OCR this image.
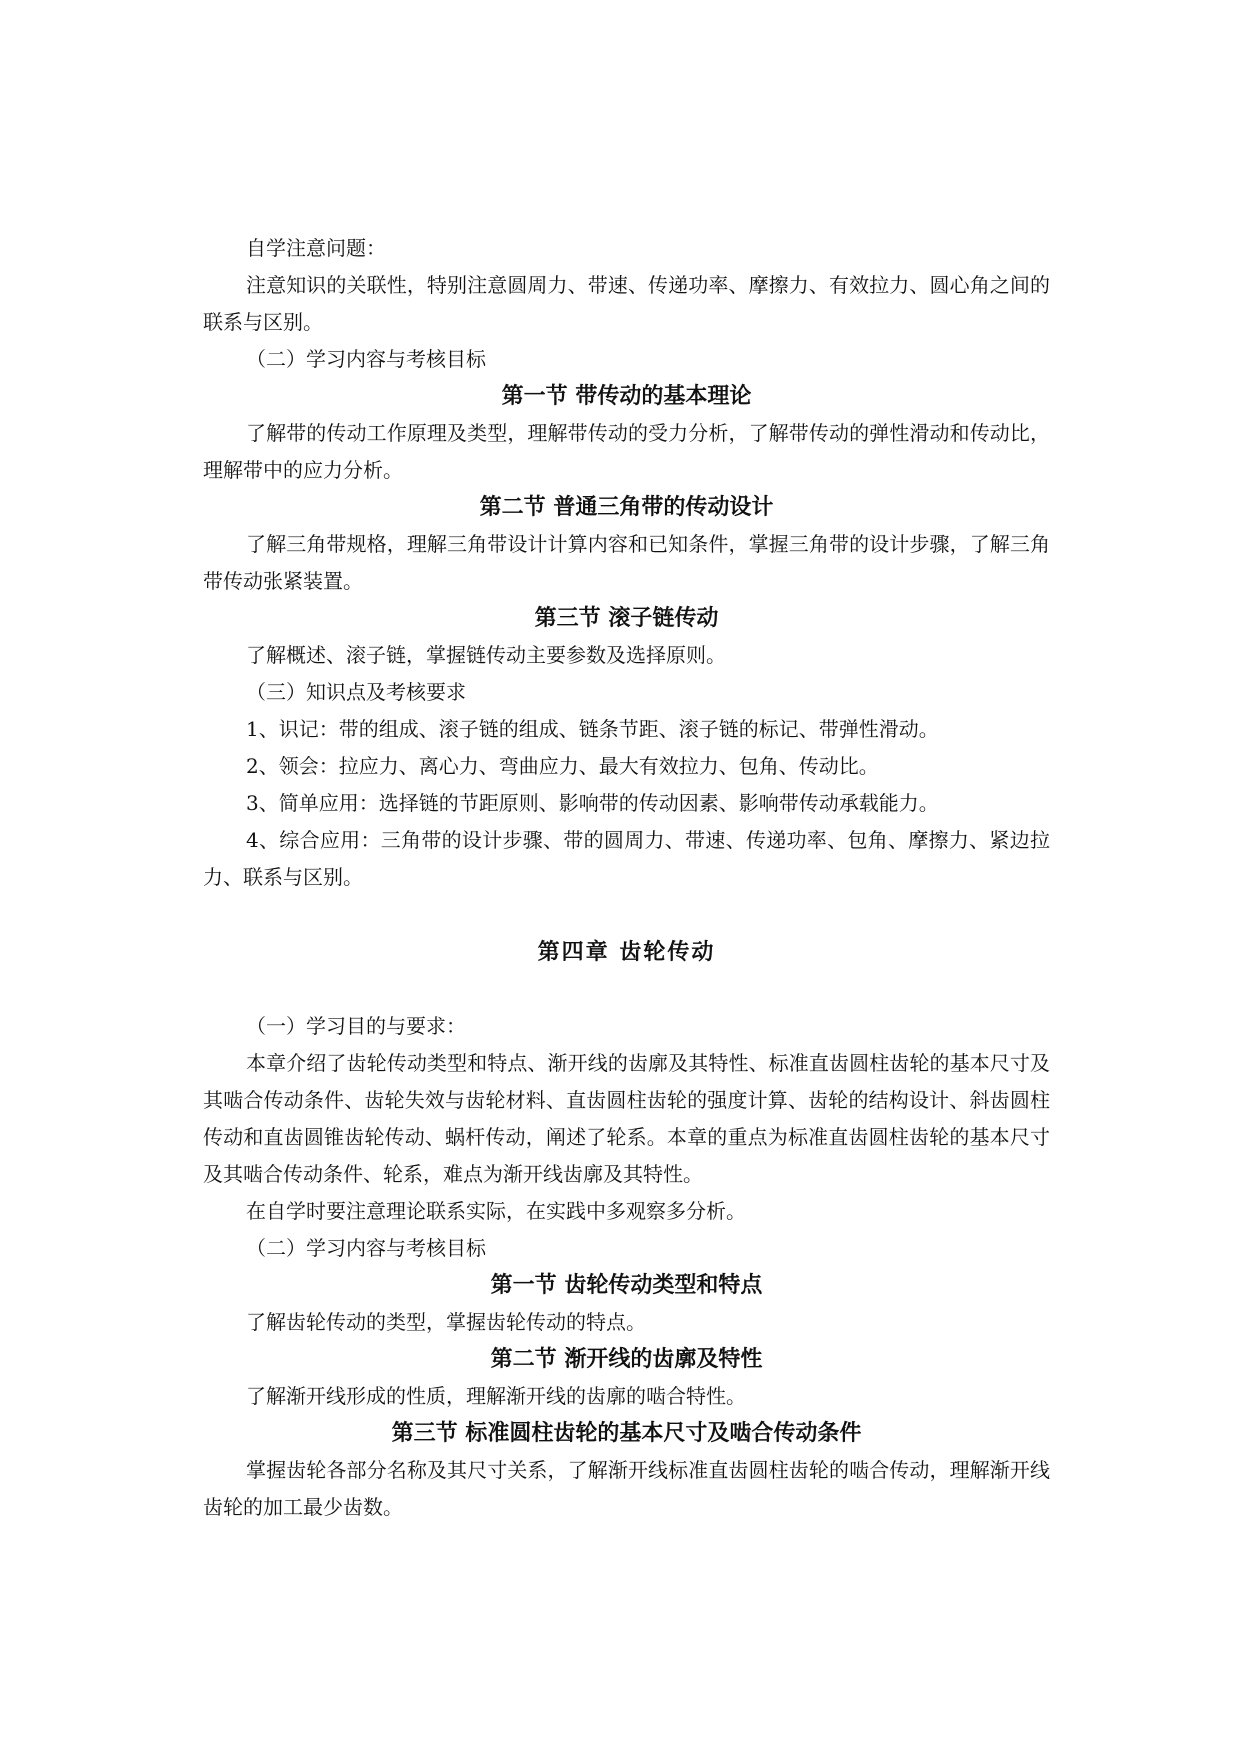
自学注意问题：

注意知识的关联性，特别注意圆周力、带速、传递功率、摩擦力、有效拉力、圆心角之间的联系与区别。

（二）学习内容与考核目标

第一节 带传动的基本理论

了解带的传动工作原理及类型，理解带传动的受力分析，了解带传动的弹性滑动和传动比，理解带中的应力分析。

第二节 普通三角带的传动设计

了解三角带规格，理解三角带设计计算内容和已知条件，掌握三角带的设计步骤，了解三角带传动张紧装置。

第三节 滚子链传动

了解概述、滚子链，掌握链传动主要参数及选择原则。

（三）知识点及考核要求

1、识记：带的组成、滚子链的组成、链条节距、滚子链的标记、带弹性滑动。

2、领会：拉应力、离心力、弯曲应力、最大有效拉力、包角、传动比。

3、简单应用：选择链的节距原则、影响带的传动因素、影响带传动承载能力。

4、综合应用：三角带的设计步骤、带的圆周力、带速、传递功率、包角、摩擦力、紧边拉力、联系与区别。

第四章 齿轮传动

（一）学习目的与要求：

本章介绍了齿轮传动类型和特点、渐开线的齿廓及其特性、标准直齿圆柱齿轮的基本尺寸及其啮合传动条件、齿轮失效与齿轮材料、直齿圆柱齿轮的强度计算、齿轮的结构设计、斜齿圆柱传动和直齿圆锥齿轮传动、蜗杆传动，阐述了轮系。本章的重点为标准直齿圆柱齿轮的基本尺寸及其啮合传动条件、轮系，难点为渐开线齿廓及其特性。

在自学时要注意理论联系实际，在实践中多观察多分析。

（二）学习内容与考核目标

第一节 齿轮传动类型和特点

了解齿轮传动的类型，掌握齿轮传动的特点。

第二节 渐开线的齿廓及特性

了解渐开线形成的性质，理解渐开线的齿廓的啮合特性。

第三节 标准圆柱齿轮的基本尺寸及啮合传动条件

掌握齿轮各部分名称及其尺寸关系，了解渐开线标准直齿圆柱齿轮的啮合传动，理解渐开线齿轮的加工最少齿数。
